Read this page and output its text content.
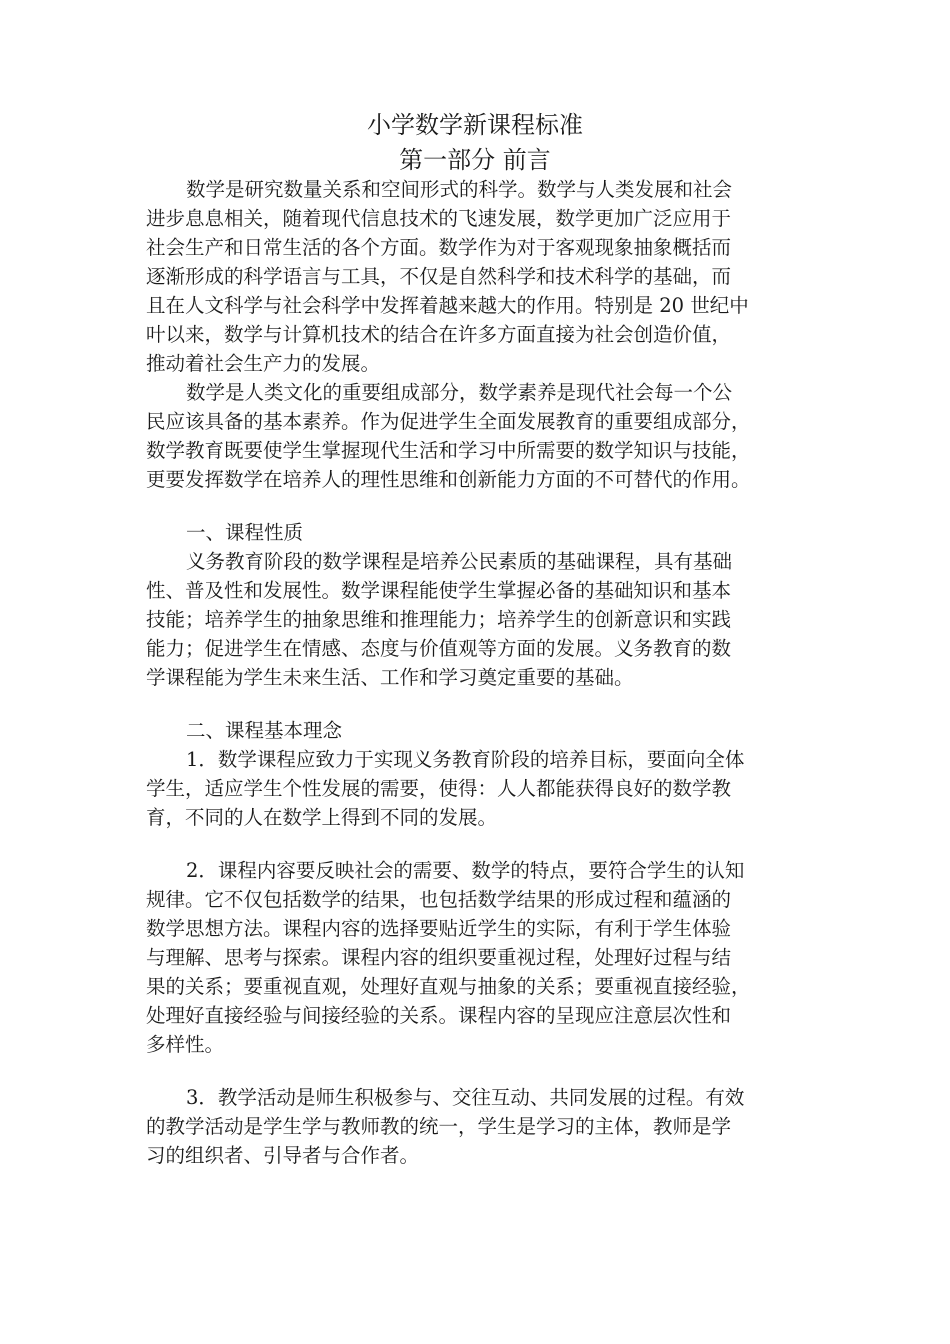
小学数学新课程标准
第一部分 前言
数学是研究数量关系和空间形式的科学。数学与人类发展和社会
进步息息相关，随着现代信息技术的飞速发展，数学更加广泛应用于
社会生产和日常生活的各个方面。数学作为对于客观现象抽象概括而
逐渐形成的科学语言与工具，不仅是自然科学和技术科学的基础，而
且在人文科学与社会科学中发挥着越来越大的作用。特别是 20 世纪中
叶以来，数学与计算机技术的结合在许多方面直接为社会创造价值，
推动着社会生产力的发展。
数学是人类文化的重要组成部分，数学素养是现代社会每一个公
民应该具备的基本素养。作为促进学生全面发展教育的重要组成部分，
数学教育既要使学生掌握现代生活和学习中所需要的数学知识与技能，
更要发挥数学在培养人的理性思维和创新能力方面的不可替代的作用。
一、课程性质
义务教育阶段的数学课程是培养公民素质的基础课程，具有基础
性、普及性和发展性。数学课程能使学生掌握必备的基础知识和基本
技能；培养学生的抽象思维和推理能力；培养学生的创新意识和实践
能力；促进学生在情感、态度与价值观等方面的发展。义务教育的数
学课程能为学生未来生活、工作和学习奠定重要的基础。
二、课程基本理念
1．数学课程应致力于实现义务教育阶段的培养目标，要面向全体
学生，适应学生个性发展的需要，使得：人人都能获得良好的数学教
育，不同的人在数学上得到不同的发展。
2．课程内容要反映社会的需要、数学的特点，要符合学生的认知
规律。它不仅包括数学的结果，也包括数学结果的形成过程和蕴涵的
数学思想方法。课程内容的选择要贴近学生的实际，有利于学生体验
与理解、思考与探索。课程内容的组织要重视过程，处理好过程与结
果的关系；要重视直观，处理好直观与抽象的关系；要重视直接经验，
处理好直接经验与间接经验的关系。课程内容的呈现应注意层次性和
多样性。
3．教学活动是师生积极参与、交往互动、共同发展的过程。有效
的教学活动是学生学与教师教的统一，学生是学习的主体，教师是学
习的组织者、引导者与合作者。
